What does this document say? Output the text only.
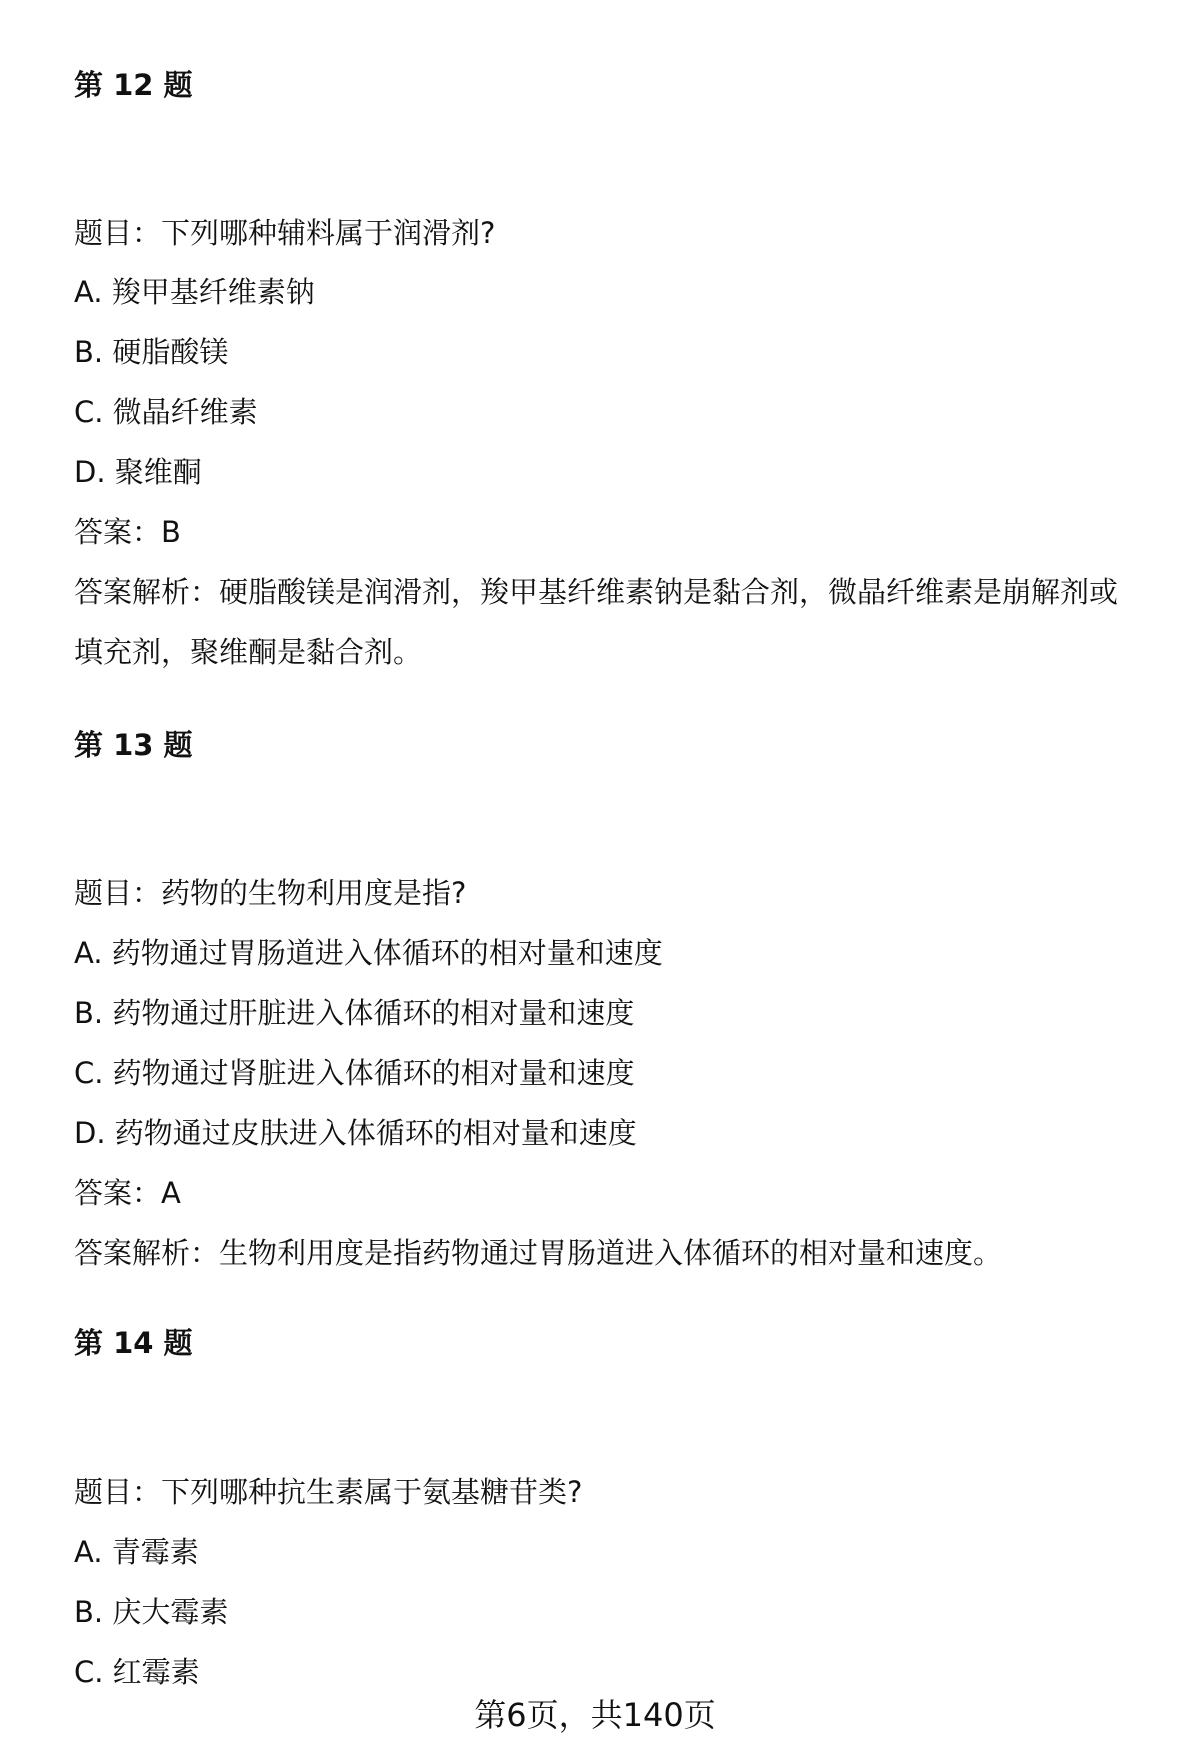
第 12 题
题目：下列哪种辅料属于润滑剂?
A. 羧甲基纤维素钠
B. 硬脂酸镁
C. 微晶纤维素
D. 聚维酮
答案：B
答案解析：硬脂酸镁是润滑剂，羧甲基纤维素钠是黏合剂，微晶纤维素是崩解剂或
填充剂，聚维酮是黏合剂。
第 13 题
题目：药物的生物利用度是指?
A. 药物通过胃肠道进入体循环的相对量和速度
B. 药物通过肝脏进入体循环的相对量和速度
C. 药物通过肾脏进入体循环的相对量和速度
D. 药物通过皮肤进入体循环的相对量和速度
答案：A
答案解析：生物利用度是指药物通过胃肠道进入体循环的相对量和速度。
第 14 题
题目：下列哪种抗生素属于氨基糖苷类?
A. 青霉素
B. 庆大霉素
C. 红霉素
第6页，共140页
